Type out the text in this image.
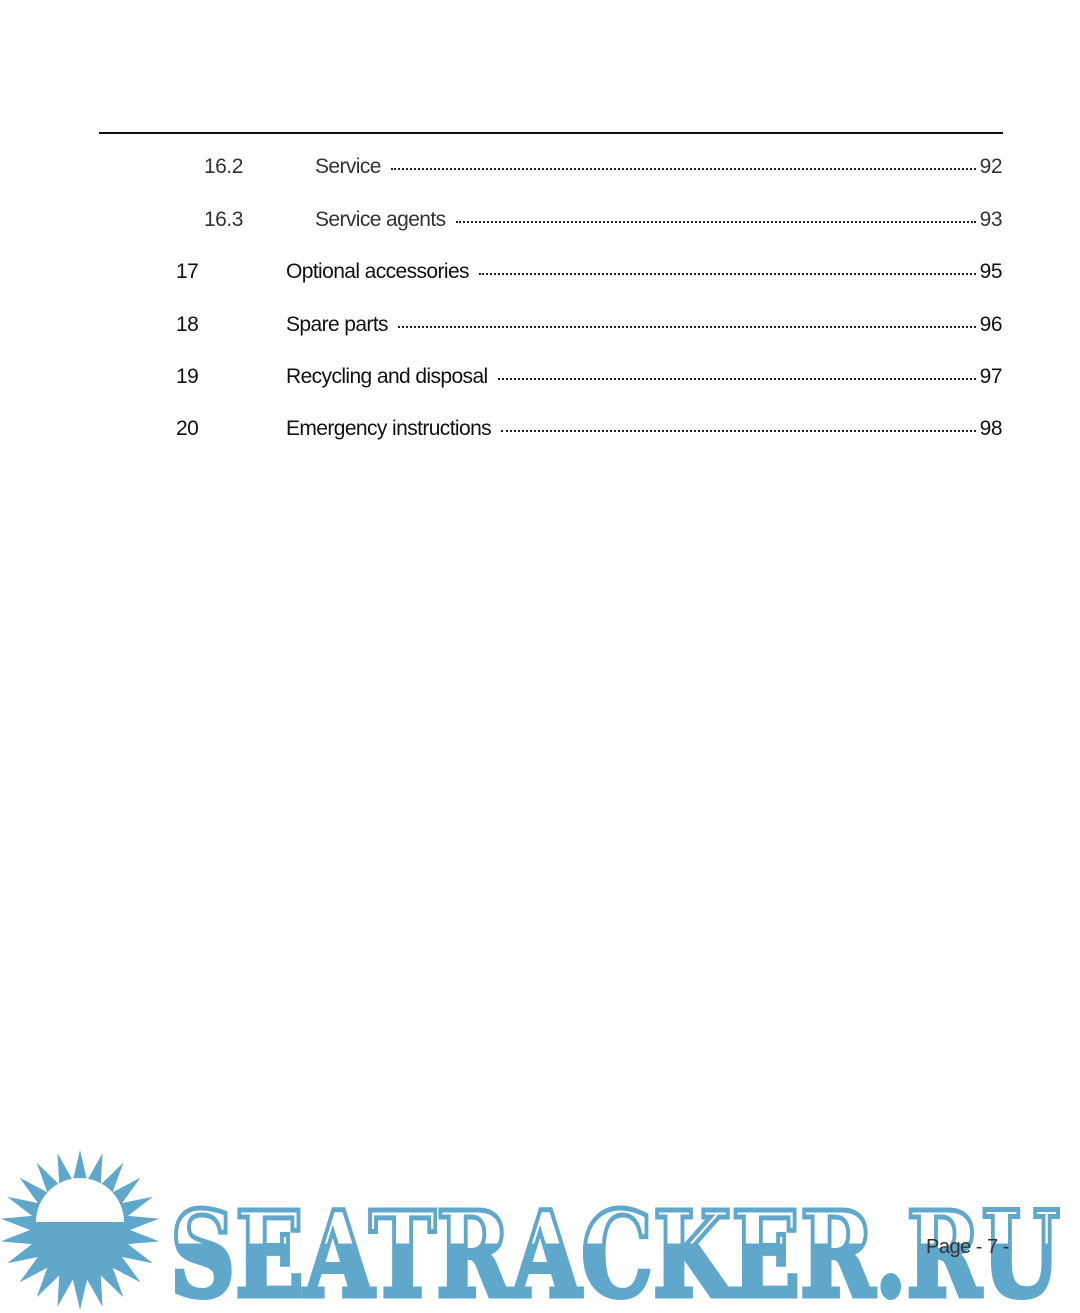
16.2	Service	92
16.3	Service agents	93
17	Optional accessories	95
18	Spare parts	96
19	Recycling and disposal	97
20	Emergency instructions	98
SEATRACKER.RU
Page - 7 -
